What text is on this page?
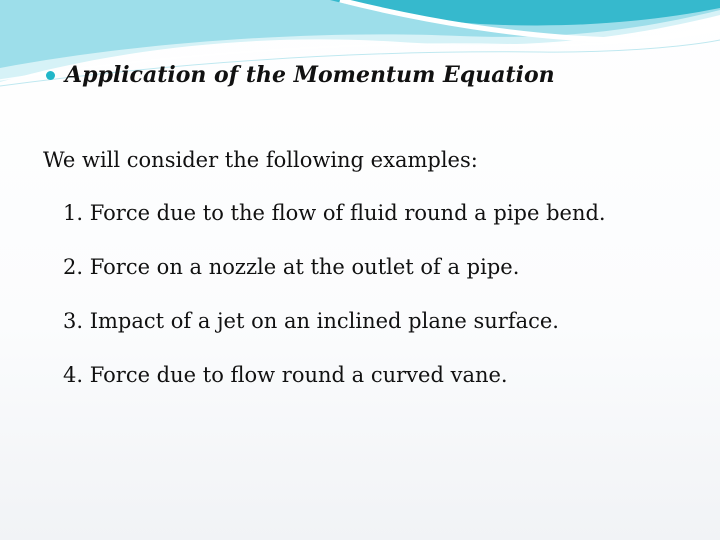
Application of the Momentum Equation
We will consider the following examples:
1. Force due to the flow of fluid round a pipe bend.
2. Force on a nozzle at the outlet of a pipe.
3. Impact of a jet on an inclined plane surface.
4. Force due to flow round a curved vane.
